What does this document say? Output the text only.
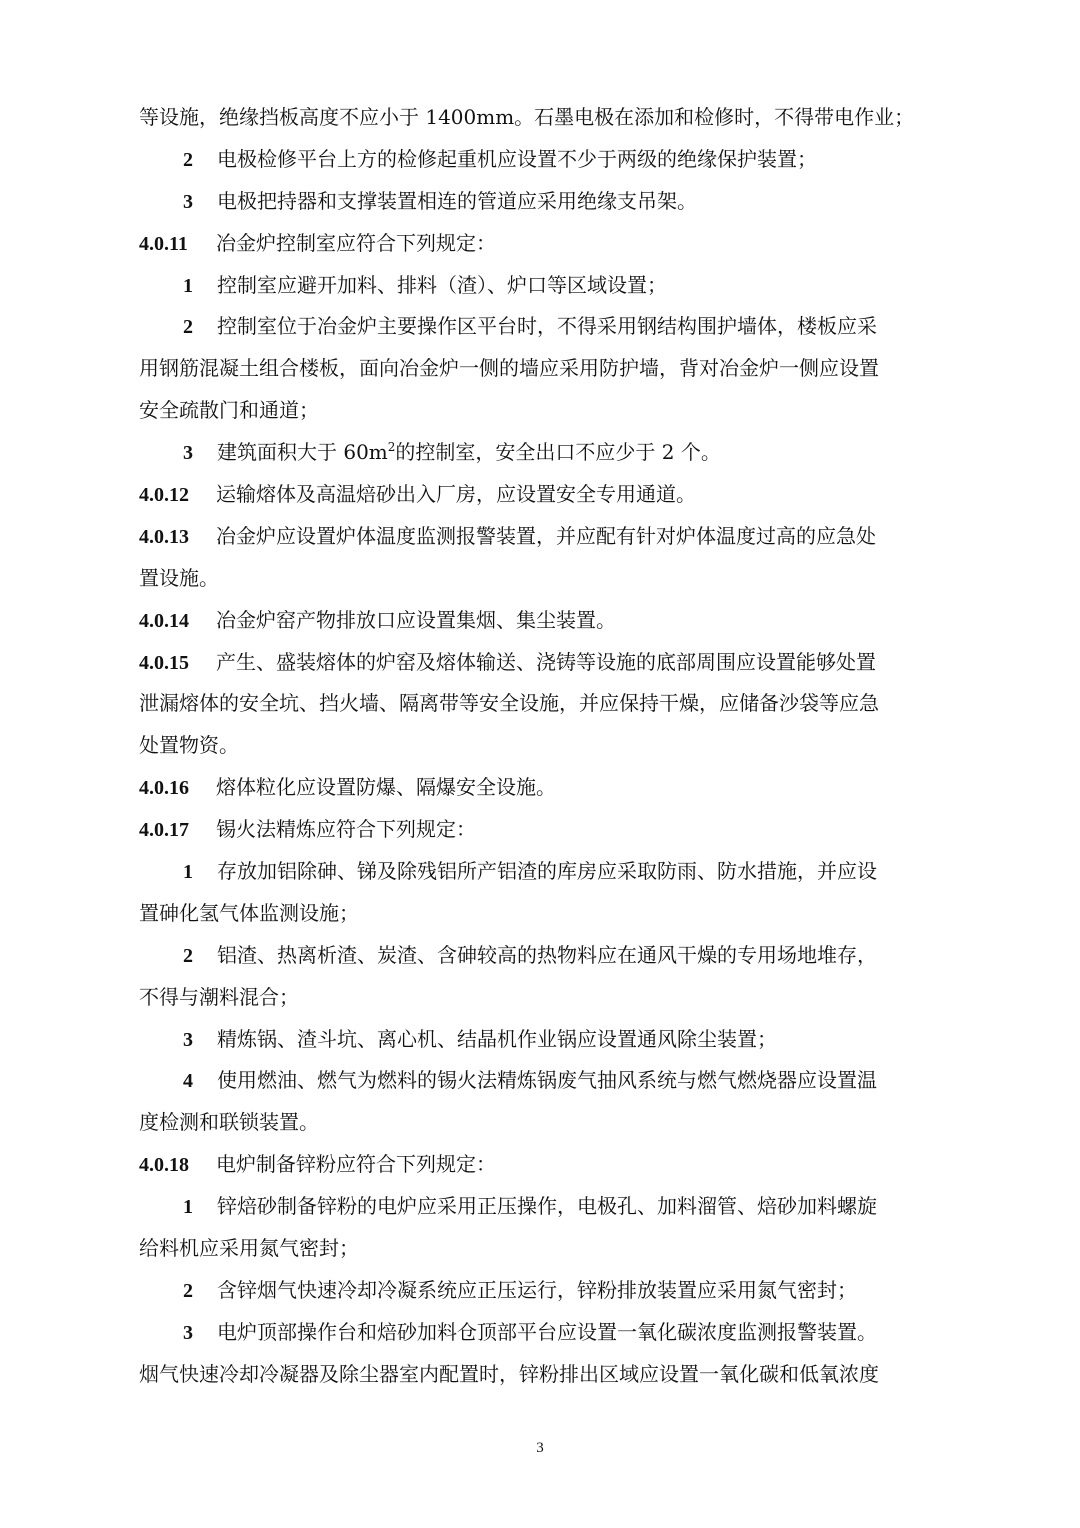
等设施，绝缘挡板高度不应小于 1400mm。石墨电极在添加和检修时，不得带电作业；
2 电极检修平台上方的检修起重机应设置不少于两级的绝缘保护装置；
3 电极把持器和支撑装置相连的管道应采用绝缘支吊架。
4.0.11 冶金炉控制室应符合下列规定：
1 控制室应避开加料、排料（渣）、炉口等区域设置；
2 控制室位于冶金炉主要操作区平台时，不得采用钢结构围护墙体，楼板应采
用钢筋混凝土组合楼板，面向冶金炉一侧的墙应采用防护墙，背对冶金炉一侧应设置
安全疏散门和通道；
3 建筑面积大于 $60m^2$的控制室，安全出口不应少于 2 个。
4.0.12 运输熔体及高温焙砂出入厂房，应设置安全专用通道。
4.0.13 冶金炉应设置炉体温度监测报警装置，并应配有针对炉体温度过高的应急处
置设施。
4.0.14 冶金炉窑产物排放口应设置集烟、集尘装置。
4.0.15 产生、盛装熔体的炉窑及熔体输送、浇铸等设施的底部周围应设置能够处置
泄漏熔体的安全坑、挡火墙、隔离带等安全设施，并应保持干燥，应储备沙袋等应急
处置物资。
4.0.16 熔体粒化应设置防爆、隔爆安全设施。
4.0.17 锡火法精炼应符合下列规定：
1 存放加铝除砷、锑及除残铝所产铝渣的库房应采取防雨、防水措施，并应设
置砷化氢气体监测设施；
2 铝渣、热离析渣、炭渣、含砷较高的热物料应在通风干燥的专用场地堆存，
不得与潮料混合；
3 精炼锅、渣斗坑、离心机、结晶机作业锅应设置通风除尘装置；
4 使用燃油、燃气为燃料的锡火法精炼锅废气抽风系统与燃气燃烧器应设置温
度检测和联锁装置。
4.0.18 电炉制备锌粉应符合下列规定：
1 锌焙砂制备锌粉的电炉应采用正压操作，电极孔、加料溜管、焙砂加料螺旋
给料机应采用氮气密封；
2 含锌烟气快速冷却冷凝系统应正压运行，锌粉排放装置应采用氮气密封；
3 电炉顶部操作台和焙砂加料仓顶部平台应设置一氧化碳浓度监测报警装置。
烟气快速冷却冷凝器及除尘器室内配置时，锌粉排出区域应设置一氧化碳和低氧浓度
3
